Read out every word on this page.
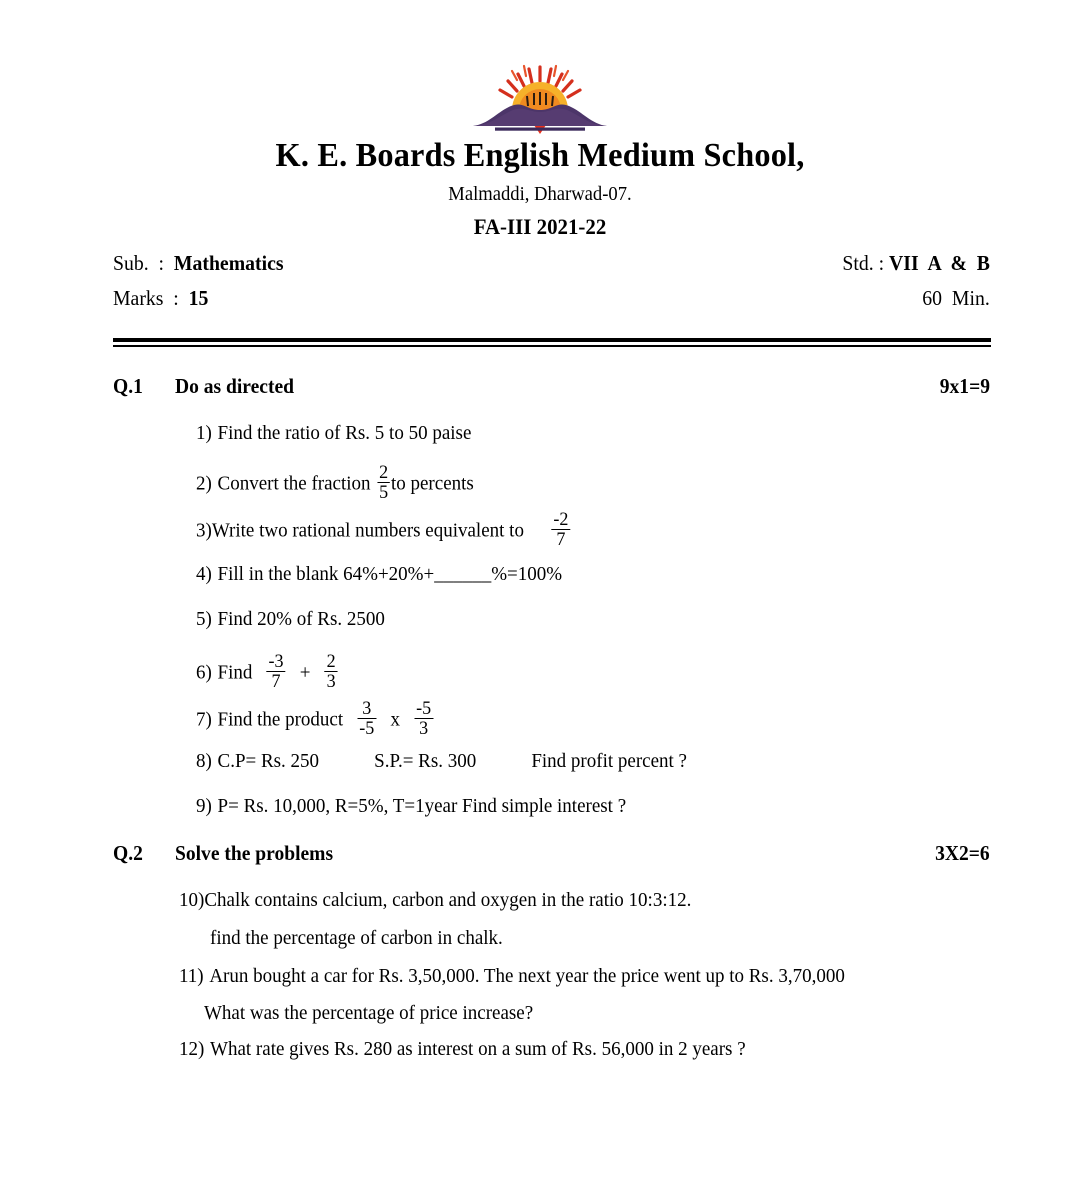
K. E. Boards English Medium School,
Malmaddi, Dharwad-07.
FA-III 2021-22
Sub.  :  Mathematics	Std. : VII  A  &  B
Marks  :  15	60  Min.
Q.1	Do as directed	9x1=9
1) Find the ratio of Rs. 5 to 50 paise
2) Convert the fraction $\frac{2}{5}$ to percents
3)Write two rational numbers equivalent to $\frac{-2}{7}$
4) Fill in the blank 64%+20%+______%=100%
5) Find 20% of Rs. 2500
6) Find $\frac{-3}{7} + \frac{2}{3}$
7) Find the product $\frac{3}{-5}$ x $\frac{-5}{3}$
8) C.P= Rs. 250	S.P.= Rs. 300	Find profit percent ?
9) P= Rs. 10,000, R=5%, T=1year Find simple interest ?
Q.2	Solve the problems	3X2=6
10)Chalk contains calcium, carbon and oxygen in the ratio 10:3:12.
find the percentage of carbon in chalk.
11) Arun bought a car for Rs. 3,50,000. The next year the price went up to Rs. 3,70,000
What was the percentage of price increase?
12) What rate gives Rs. 280 as interest on a sum of Rs. 56,000 in 2 years ?
